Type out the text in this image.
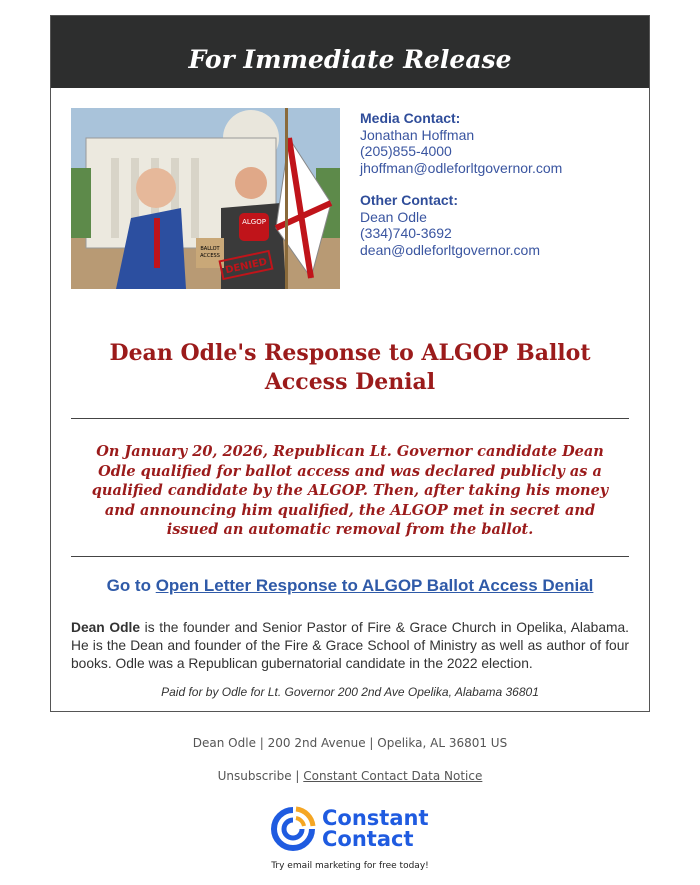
For Immediate Release
ALGOP
BALLOT
ACCESS
DENIED
Media Contact:
Jonathan Hoffman
(205)855-4000
jhoffman@odleforltgovernor.com
Other Contact:
Dean Odle
(334)740-3692
dean@odleforltgovernor.com
Dean Odle's Response to ALGOP Ballot Access Denial
On January 20, 2026, Republican Lt. Governor candidate Dean Odle qualified for ballot access and was declared publicly as a qualified candidate by the ALGOP. Then, after taking his money and announcing him qualified, the ALGOP met in secret and issued an automatic removal from the ballot.
Go to Open Letter Response to ALGOP Ballot Access Denial
Dean Odle is the founder and Senior Pastor of Fire & Grace Church in Opelika, Alabama. He is the Dean and founder of the Fire & Grace School of Ministry as well as author of four books. Odle was a Republican gubernatorial candidate in the 2022 election.
Paid for by Odle for Lt. Governor 200 2nd Ave Opelika, Alabama 36801
Dean Odle | 200 2nd Avenue | Opelika, AL 36801 US
Unsubscribe | Constant Contact Data Notice
Constant
Contact
Try email marketing for free today!
